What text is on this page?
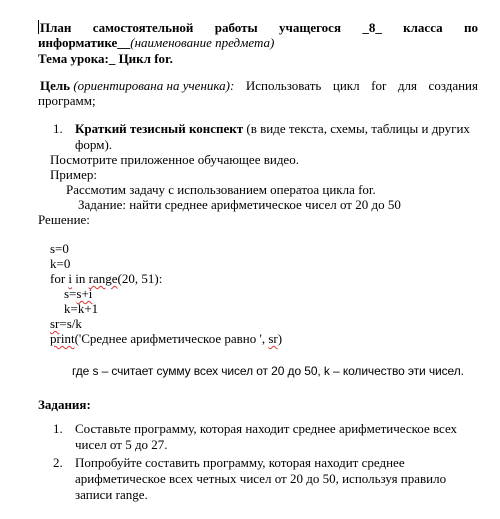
План самостоятельной работы учащегося _8_ класса по
информатике__(наименование предмета)
Тема урока:_ Цикл for.
Цель (ориентирована на ученика): Использовать цикл for для создания
программ;
1. Краткий тезисный конспект (в виде текста, схемы, таблицы и других
форм).
Посмотрите приложенное обучающее видео.
Пример:
Рассмотим задачу с использованием опеpатоа цикла for.
Задание: найти среднее арифметическое чисел от 20 до 50
Решение:
s=0
k=0
for i in range(20, 51):
s=s+i
k=k+1
sr=s/k
print('Среднее арифметическое равно ', sr)
где s – считает сумму всех чисел от 20 до 50, k – количество эти чисел.
Задания:
1. Составьте программу, которая находит среднее арифметическое всех
чисел от 5 до 27.
2. Попробуйте составить программу, которая находит среднее
арифметическое всех четных чисел от 20 до 50, используя правило
записи range.
